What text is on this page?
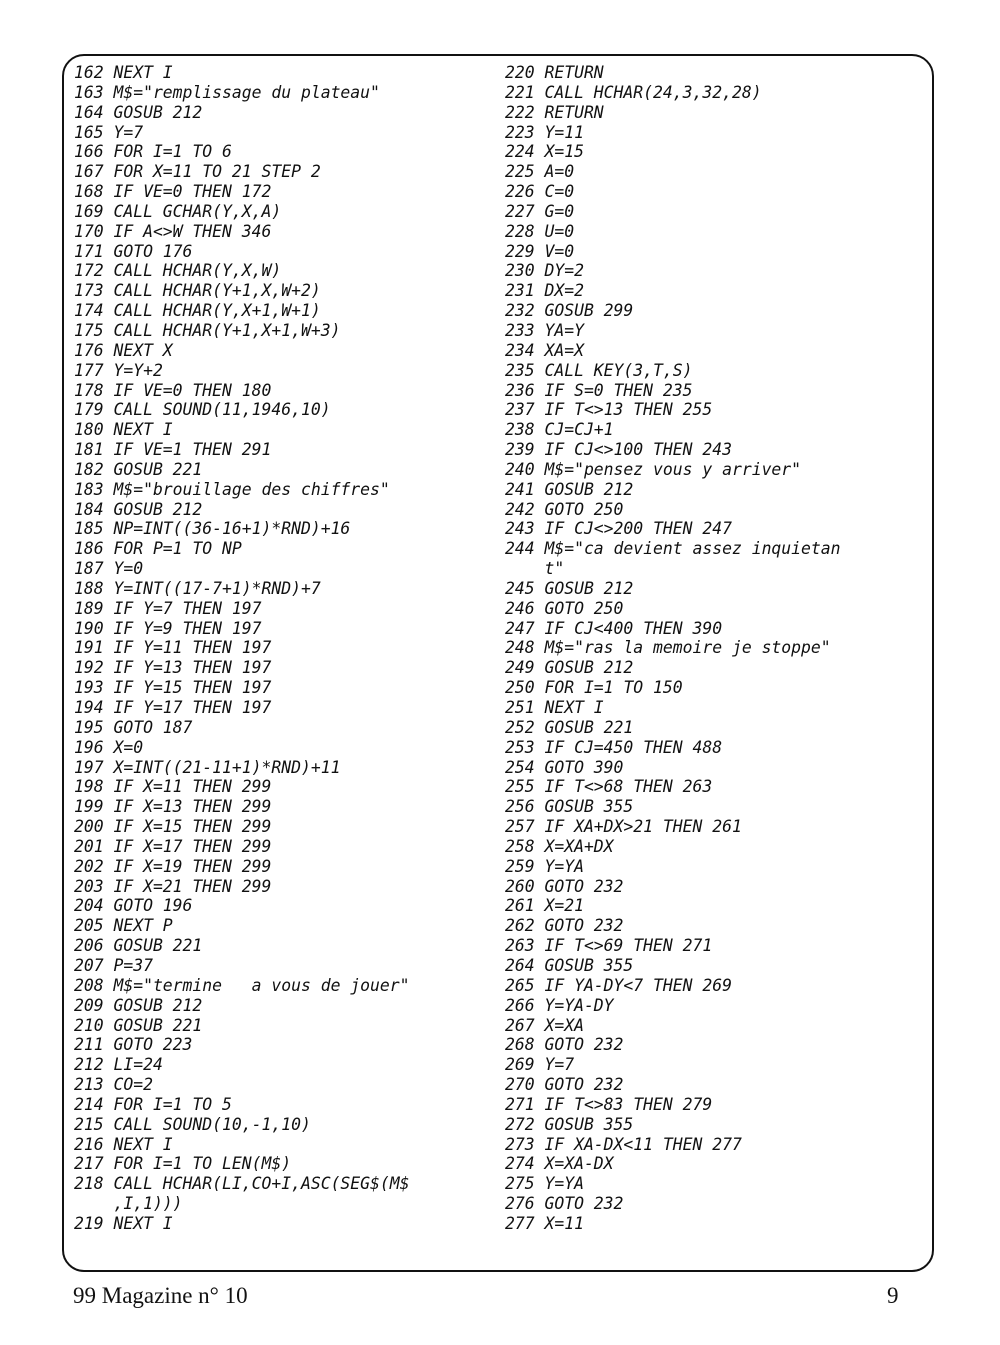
162 NEXT I
163 M$="remplissage du plateau"
164 GOSUB 212
165 Y=7
166 FOR I=1 TO 6
167 FOR X=11 TO 21 STEP 2
168 IF VE=0 THEN 172
169 CALL GCHAR(Y,X,A)
170 IF A<>W THEN 346
171 GOTO 176
172 CALL HCHAR(Y,X,W)
173 CALL HCHAR(Y+1,X,W+2)
174 CALL HCHAR(Y,X+1,W+1)
175 CALL HCHAR(Y+1,X+1,W+3)
176 NEXT X
177 Y=Y+2
178 IF VE=0 THEN 180
179 CALL SOUND(11,1946,10)
180 NEXT I
181 IF VE=1 THEN 291
182 GOSUB 221
183 M$="brouillage des chiffres"
184 GOSUB 212
185 NP=INT((36-16+1)*RND)+16
186 FOR P=1 TO NP
187 Y=0
188 Y=INT((17-7+1)*RND)+7
189 IF Y=7 THEN 197
190 IF Y=9 THEN 197
191 IF Y=11 THEN 197
192 IF Y=13 THEN 197
193 IF Y=15 THEN 197
194 IF Y=17 THEN 197
195 GOTO 187
196 X=0
197 X=INT((21-11+1)*RND)+11
198 IF X=11 THEN 299
199 IF X=13 THEN 299
200 IF X=15 THEN 299
201 IF X=17 THEN 299
202 IF X=19 THEN 299
203 IF X=21 THEN 299
204 GOTO 196
205 NEXT P
206 GOSUB 221
207 P=37
208 M$="termine   a vous de jouer"
209 GOSUB 212
210 GOSUB 221
211 GOTO 223
212 LI=24
213 CO=2
214 FOR I=1 TO 5
215 CALL SOUND(10,-1,10)
216 NEXT I
217 FOR I=1 TO LEN(M$)
218 CALL HCHAR(LI,CO+I,ASC(SEG$(M$
,I,1)))
219 NEXT I
220 RETURN
221 CALL HCHAR(24,3,32,28)
222 RETURN
223 Y=11
224 X=15
225 A=0
226 C=0
227 G=0
228 U=0
229 V=0
230 DY=2
231 DX=2
232 GOSUB 299
233 YA=Y
234 XA=X
235 CALL KEY(3,T,S)
236 IF S=0 THEN 235
237 IF T<>13 THEN 255
238 CJ=CJ+1
239 IF CJ<>100 THEN 243
240 M$="pensez vous y arriver"
241 GOSUB 212
242 GOTO 250
243 IF CJ<>200 THEN 247
244 M$="ca devient assez inquietan
t"
245 GOSUB 212
246 GOTO 250
247 IF CJ<400 THEN 390
248 M$="ras la memoire je stoppe"
249 GOSUB 212
250 FOR I=1 TO 150
251 NEXT I
252 GOSUB 221
253 IF CJ=450 THEN 488
254 GOTO 390
255 IF T<>68 THEN 263
256 GOSUB 355
257 IF XA+DX>21 THEN 261
258 X=XA+DX
259 Y=YA
260 GOTO 232
261 X=21
262 GOTO 232
263 IF T<>69 THEN 271
264 GOSUB 355
265 IF YA-DY<7 THEN 269
266 Y=YA-DY
267 X=XA
268 GOTO 232
269 Y=7
270 GOTO 232
271 IF T<>83 THEN 279
272 GOSUB 355
273 IF XA-DX<11 THEN 277
274 X=XA-DX
275 Y=YA
276 GOTO 232
277 X=11
99 Magazine n° 10	9
